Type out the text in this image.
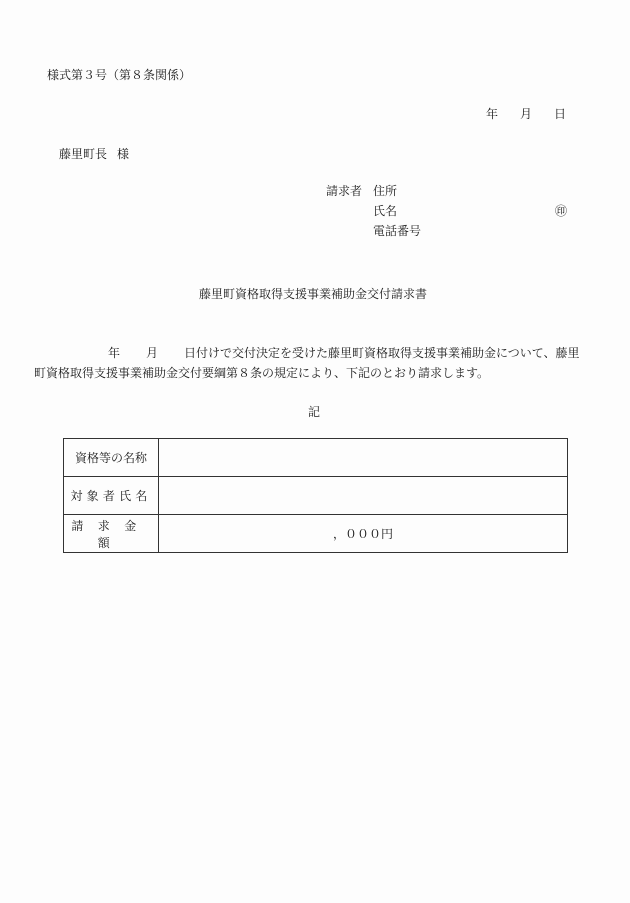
様式第３号（第８条関係）
年 月 日
藤里町長 様
請求者 住所
氏名	㊞
電話番号
藤里町資格取得支援事業補助金交付請求書
年 月 日付けで交付決定を受けた藤里町資格取得支援事業補助金について、藤里
町資格取得支援事業補助金交付要綱第８条の規定により、下記のとおり請求します。
記
資格等の名称	
対象者氏名	
請求金額	，０００円
